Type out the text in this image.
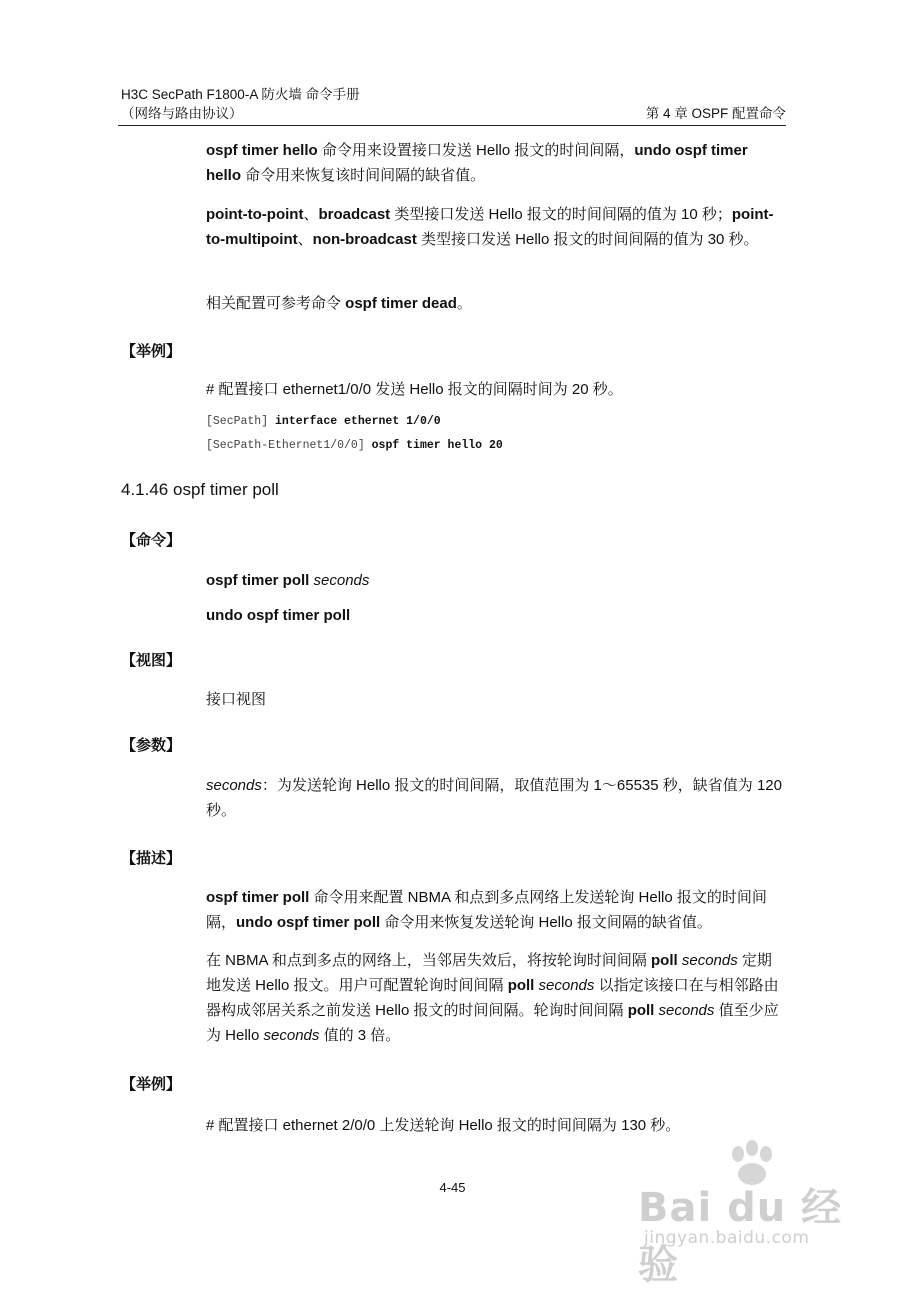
H3C SecPath F1800-A 防火墙 命令手册
（网络与路由协议）	第 4 章 OSPF 配置命令

ospf timer hello 命令用来设置接口发送 Hello 报文的时间间隔，undo ospf timer hello 命令用来恢复该时间间隔的缺省值。

point-to-point、broadcast 类型接口发送 Hello 报文的时间间隔的值为 10 秒；point-to-multipoint、non-broadcast 类型接口发送 Hello 报文的时间间隔的值为 30 秒。

相关配置可参考命令 ospf timer dead。

【举例】

# 配置接口 ethernet1/0/0 发送 Hello 报文的间隔时间为 20 秒。

[SecPath] interface ethernet 1/0/0
[SecPath-Ethernet1/0/0] ospf timer hello 20
4.1.46 ospf timer poll
【命令】

ospf timer poll seconds

undo ospf timer poll

【视图】

接口视图

【参数】

seconds：为发送轮询 Hello 报文的时间间隔，取值范围为 1～65535 秒，缺省值为 120 秒。

【描述】

ospf timer poll 命令用来配置 NBMA 和点到多点网络上发送轮询 Hello 报文的时间间隔，undo ospf timer poll 命令用来恢复发送轮询 Hello 报文间隔的缺省值。

在 NBMA 和点到多点的网络上，当邻居失效后，将按轮询时间间隔 poll seconds 定期地发送 Hello 报文。用户可配置轮询时间间隔 poll seconds 以指定该接口在与相邻路由器构成邻居关系之前发送 Hello 报文的时间间隔。轮询时间间隔 poll seconds 值至少应为 Hello seconds 值的 3 倍。

【举例】

# 配置接口 ethernet 2/0/0 上发送轮询 Hello 报文的时间间隔为 130 秒。

4-45	Bai du 经验
jingyan.baidu.com
